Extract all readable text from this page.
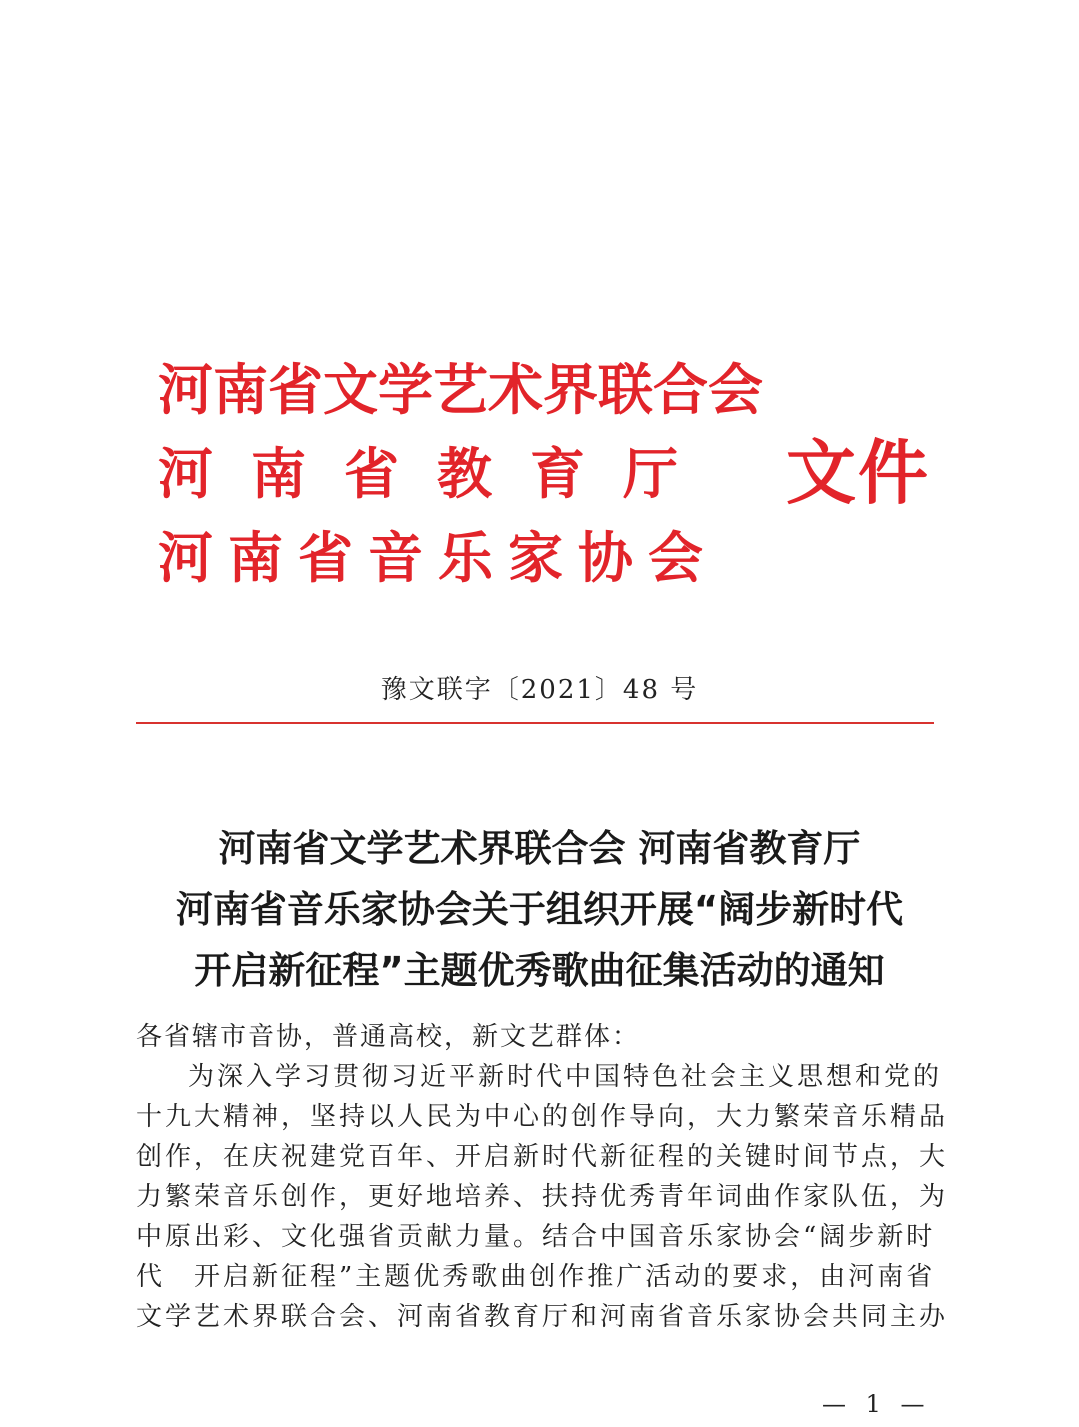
河南省文学艺术界联合会
河南省教育厅
河南省音乐家协会
文件
豫文联字〔2021〕48 号
河南省文学艺术界联合会 河南省教育厅
河南省音乐家协会关于组织开展“阔步新时代
开启新征程”主题优秀歌曲征集活动的通知
各省辖市音协，普通高校，新文艺群体：
为深入学习贯彻习近平新时代中国特色社会主义思想和党的
十九大精神，坚持以人民为中心的创作导向，大力繁荣音乐精品
创作，在庆祝建党百年、开启新时代新征程的关键时间节点，大
力繁荣音乐创作，更好地培养、扶持优秀青年词曲作家队伍，为
中原出彩、文化强省贡献力量。结合中国音乐家协会“阔步新时
代　开启新征程”主题优秀歌曲创作推广活动的要求，由河南省
文学艺术界联合会、河南省教育厅和河南省音乐家协会共同主办
— 1 —
